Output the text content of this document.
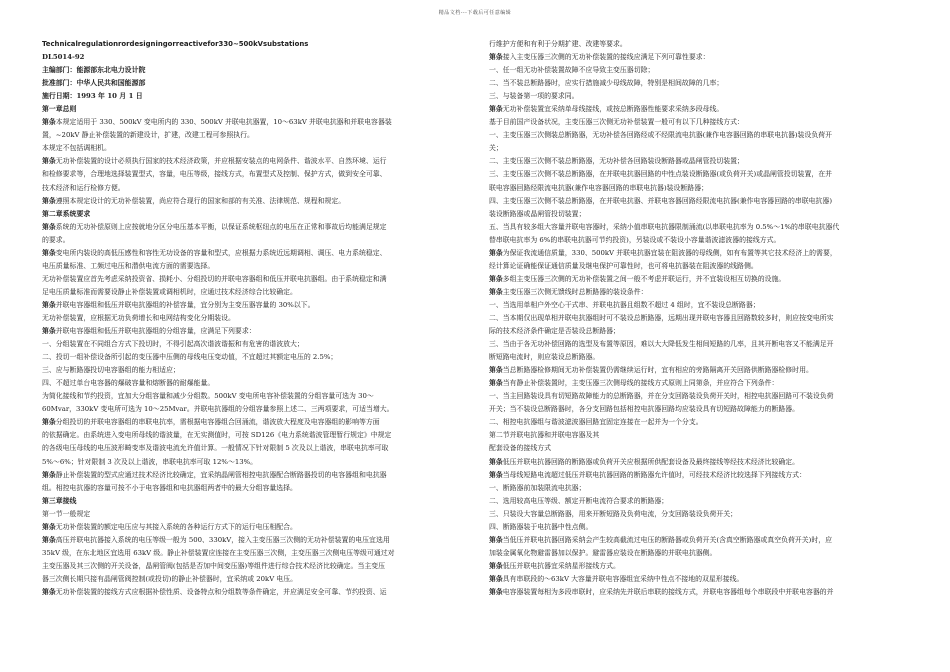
精品文档---下载后可任意编辑
Technicalregulationrordesigningorreactivefor330~500kVsubstations
DL5014-92
主编部门：能源部东北电力设计院
批准部门：中华人民共和国能源部
施行日期：1993 年 10 月 1 日
第一章总则
第条本规定适用于 330、500kV 变电所内的 330、500kV 并联电抗器置，10～63kV 并联电抗器和并联电容器装
置，~20kV 静止补偿装置的新建设计，扩建，改建工程可参照执行。
本规定不包括调相机。
第条无功补偿装置的设计必须执行国家的技术经济政策，并应根据安装点的电网条件、谐波水平、自然环境、运行
和检修要求等，合理地选择装置型式，容量，电压等级，接线方式，布置型式及控制、保护方式，做到安全可靠、
技术经济和运行检修方便。
第条遵照本规定设计的无功补偿装置，尚应符合现行的国家和部的有关准、法律规范、规程和规定。
第二章系统要求
第条系统的无功补偿原则上应按就地分区分电压基本平衡，以保证系统枢纽点的电压在正常和事故后均能满足规定
的要求。
第条变电所内装设的高低压感性和容性无功设备的容量和型式，应根据力系统近远期调相、调压、电力系统稳定、
电压质量标准、工频过电压和潜供电流方面的需要选择。
无功补偿装置应首先考虑采纳投资省、损耗小、分组投切的并联电容器组和低压并联电抗器组。由于系统稳定和满
足电压质量标准而需要设静止补偿装置或调相机时，应通过技术经济综合比较确定。
第条并联电容器组和低压并联电抗器组的补偿容量，宜分别为主变压器容量的 30%以下。
无功补偿装置，应根据无功负荷增长和电网结构变化分期装设。
第条并联电容器组和低压并联电抗器组的分组容量，应满足下列要求：
一、分组装置在不同组合方式下投切时，不得引起高次谐波谐振和有危害的谐波放大；
二、投切一组补偿设备所引起的变压器中压侧的母线电压变动值，不宜超过其额定电压的 2.5%；
三、应与断路器投切电容器组的能力相适应；
四、不超过单台电容器的爆破容量和熔断器的耐爆能量。
为简化接线和节约投资，宜加大分组容量和减少分组数。500kV 变电所电容补偿装置的分组容量可选为 30～
60Mvar，330kV 变电所可选为 10～25Mvar。并联电抗器组的分组容量参照上述二、三两项要求，可适当增大。
第条分组投切的并联电容器组的串联电抗率，需根据电容器组合回涌流，谐波放大程度及电容器组的影响等方面
的依据确定。由系统进入变电所母线的谐波量，在无实测值时，可按 SD126《电力系统谐波管理暂行规定》中规定
的各级电压母线的电压波形畸变率及谐波电流允许值计算。一般情况下针对限制 5 次及以上谐波，串联电抗率可取
5%～6%；针对限制 3 次及以上谐波，串联电抗率可取 12%～13%。
第条静止补偿装置的型式应通过技术经济比较确定，宜采纳晶闸管相控电抗器配合断路器投切的电容器组和电抗器
组。相控电抗器的容量可按不小于电容器组和电抗器组两者中的最大分组容量选择。
第三章接线
第一节一般规定
第条无功补偿装置的额定电压应与其接入系统的各种运行方式下的运行电压相配合。
第条高压并联电抗器接入系统的电压等级一般为 500、330kV，接入主变压器三次侧的无功补偿装置的电压宜选用
35kV 级，在东北地区宜选用 63kV 级。静止补偿装置应连接在主变压器三次侧，主变压器三次侧电压等级可通过对
主变压器及其三次侧的开关设备，晶闸管阀(包括是否加中间变压器)等组件进行综合技术经济比较确定。当主变压
器三次侧长期只接有晶闸管阀控制(或投切)的静止补偿器时，宜采纳或 20kV 电压。
第条无功补偿装置的接线方式应根据补偿性质、设备特点和分组数等条件确定，并应满足安全可靠、节约投资、运
行维护方便和有利于分期扩建、改建等要求。
第条接入主变压器三次侧的无功补偿装置的接线应满足下列可靠性要求：
一、任一组无功补偿装置故障不应导致主变压器切除；
二、当不装总断路器时，应实行措施减少母线故障，特别是相间故障的几率；
三、与装备第一项的要求同。
第条无功补偿装置宜采纳单母线接线，或按总断路器性能要求采纳多段母线。
基于目前国产设备状况，主变压器三次侧无功补偿装置一般可有以下几种接线方式：
一、主变压器三次侧装总断路器，无功补偿各回路经或不经限流电抗器(兼作电容器回路的串联电抗器)装设负荷开
关；
二、主变压器三次侧不装总断路器，无功补偿各回路装设断路器或晶闸管投切装置；
三、主变压器三次侧不装总断路器，在并联电抗器回路的中性点装设断路器(或负荷开关)或晶闸管投切装置，在并
联电容器回路经限流电抗器(兼作电容器回路的串联电抗器)装设断路器；
四、主变压器三次侧不装总断路器，在并联电抗器、并联电容器回路经限流电抗器(兼作电容器回路的串联电抗器)
装设断路器或晶闸管投切装置；
五、当具有较多组大容量并联电容器时，采纳小值串联电抗器限制涌流(以串联电抗率为 0.5%～1%的串联电抗器代
替串联电抗率为 6%的串联电抗器可节约投资)，另装设或不装设小容量谐波滤波器的接线方式。
第条为保证我流通信质量，330、500kV 并联电抗器宜装在阻波器的母线侧，如有布置等其它技术经济上的需要，
经计算论证确能保证通信质量及继电保护可靠性时，也可将电抗器装在阻波器的线路侧。
第条多组主变压器三次侧的无功补偿装置之间一般不考虑并联运行，并不宜装设相互切换的设施。
第条主变压器三次侧无馈线时总断路器的装设条件：
一、当选用单相户外空心干式串、并联电抗器且组数不超过 4 组时，宜不装设总断路器；
二、当本期仅出现单相并联电抗器组时可不装设总断路器，远期出现并联电容器且回路数较多时，则应按变电所实
际的技术经济条件确定是否装设总断路器；
三、当由于各无功补偿回路的选型及布置等原因，难以大大降低发生相间短路的几率，且其开断电容又不能满足开
断短路电流时，则应装设总断路器。
第条当总断路器检修期间无功补偿装置仍需继续运行时，宜有相应的旁路隔离开关回路供断路器检修时用。
第条当有静止补偿装置时，主变压器三次侧母线的接线方式原则上同第条，并应符合下列条件：
一、当主回路装设具有切短路故障能力的总断路器，并在分支回路装设负荷开关时，相控电抗器回路可不装设负荷
开关；当不装设总断路器时，各分支回路包括相控电抗器回路均应装设具有切短路故障能力的断路器。
二、相控电抗器组与谐波滤波器回路宜固定连接在一起并为一个分支。
第二节并联电抗器和并联电容器及其
配套设备的接线方式
第条低压并联电抗器回路的断路器或负荷开关应根据所供配套设备及最终接线等经技术经济比较确定。
第条当母线短路电流超过低压并联电抗器回路的断路器允许值时，可经技术经济比较选择下列接线方式：
一、断路器前加装限流电抗器；
二、选用较高电压等级、额定开断电流符合要求的断路器；
三、只装设大容量总断路器，用来开断短路及负荷电流，分支回路装设负荷开关；
四、断路器装于电抗器中性点侧。
第条当低压并联电抗器回路采纳会产生较高截流过电压的断路器或负荷开关(含真空断路器或真空负荷开关)时，应
加装金属氧化物避雷器加以保护。避雷器应装设在断路器的并联电抗器侧。
第条低压并联电抗器宜采纳星形接线方式。
第条具有串联段的～63kV 大容量并联电容器组宜采纳中性点不接地的双星形接线。
第条电容器装置每相为多段串联时，应采纳先并联后串联的接线方式，并联电容器组每个串联段中并联电容器的并
